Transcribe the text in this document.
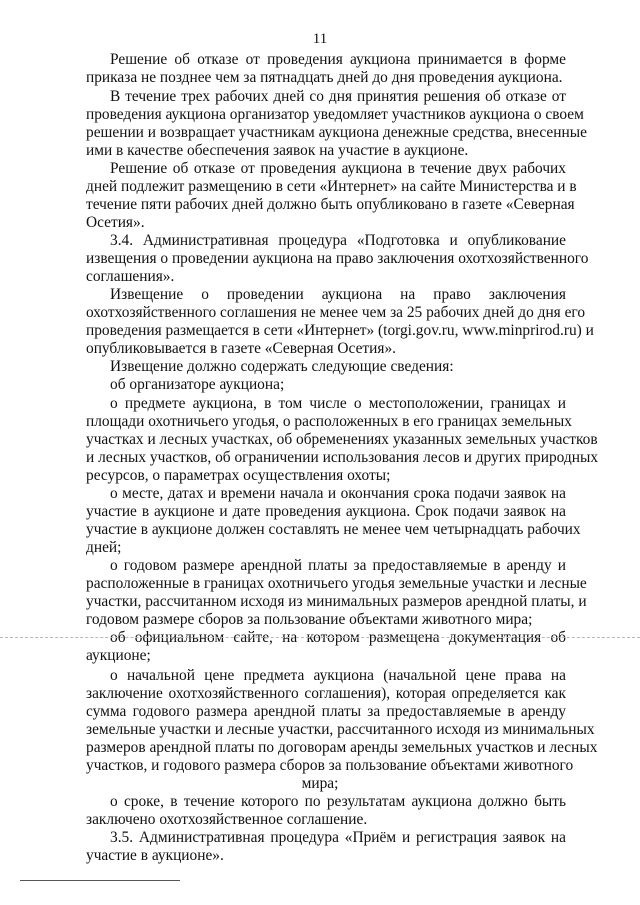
11
Решение об отказе от проведения аукциона принимается в форме
приказа не позднее чем за пятнадцать дней до дня проведения аукциона.
В течение трех рабочих дней со дня принятия решения об отказе от
проведения аукциона организатор уведомляет участников аукциона о своем
решении и возвращает участникам аукциона денежные средства, внесенные
ими в качестве обеспечения заявок на участие в аукционе.
Решение об отказе от проведения аукциона в течение двух рабочих
дней подлежит размещению в сети «Интернет» на сайте Министерства и в
течение пяти рабочих дней должно быть опубликовано в газете «Северная
Осетия».
3.4. Административная процедура «Подготовка и опубликование
извещения о проведении аукциона на право заключения охотхозяйственного
соглашения».
Извещение о проведении аукциона на право заключения
охотхозяйственного соглашения не менее чем за 25 рабочих дней до дня его
проведения размещается в сети «Интернет» (torgi.gov.ru, www.minprirod.ru) и
опубликовывается в газете «Северная Осетия».
Извещение должно содержать следующие сведения:
об организаторе аукциона;
о предмете аукциона, в том числе о местоположении, границах и
площади охотничьего угодья, о расположенных в его границах земельных
участках и лесных участках, об обременениях указанных земельных участков
и лесных участков, об ограничении использования лесов и других природных
ресурсов, о параметрах осуществления охоты;
о месте, датах и времени начала и окончания срока подачи заявок на
участие в аукционе и дате проведения аукциона. Срок подачи заявок на
участие в аукционе должен составлять не менее чем четырнадцать рабочих
дней;
о годовом размере арендной платы за предоставляемые в аренду и
расположенные в границах охотничьего угодья земельные участки и лесные
участки, рассчитанном исходя из минимальных размеров арендной платы, и
годовом размере сборов за пользование объектами животного мира;
об официальном сайте, на котором размещена документация об
аукционе;
о начальной цене предмета аукциона (начальной цене права на
заключение охотхозяйственного соглашения), которая определяется как
сумма годового размера арендной платы за предоставляемые в аренду
земельные участки и лесные участки, рассчитанного исходя из минимальных
размеров арендной платы по договорам аренды земельных участков и лесных
участков, и годового размера сборов за пользование объектами животного
мира;
о сроке, в течение которого по результатам аукциона должно быть
заключено охотхозяйственное соглашение.
3.5. Административная процедура «Приём и регистрация заявок на
участие в аукционе».
